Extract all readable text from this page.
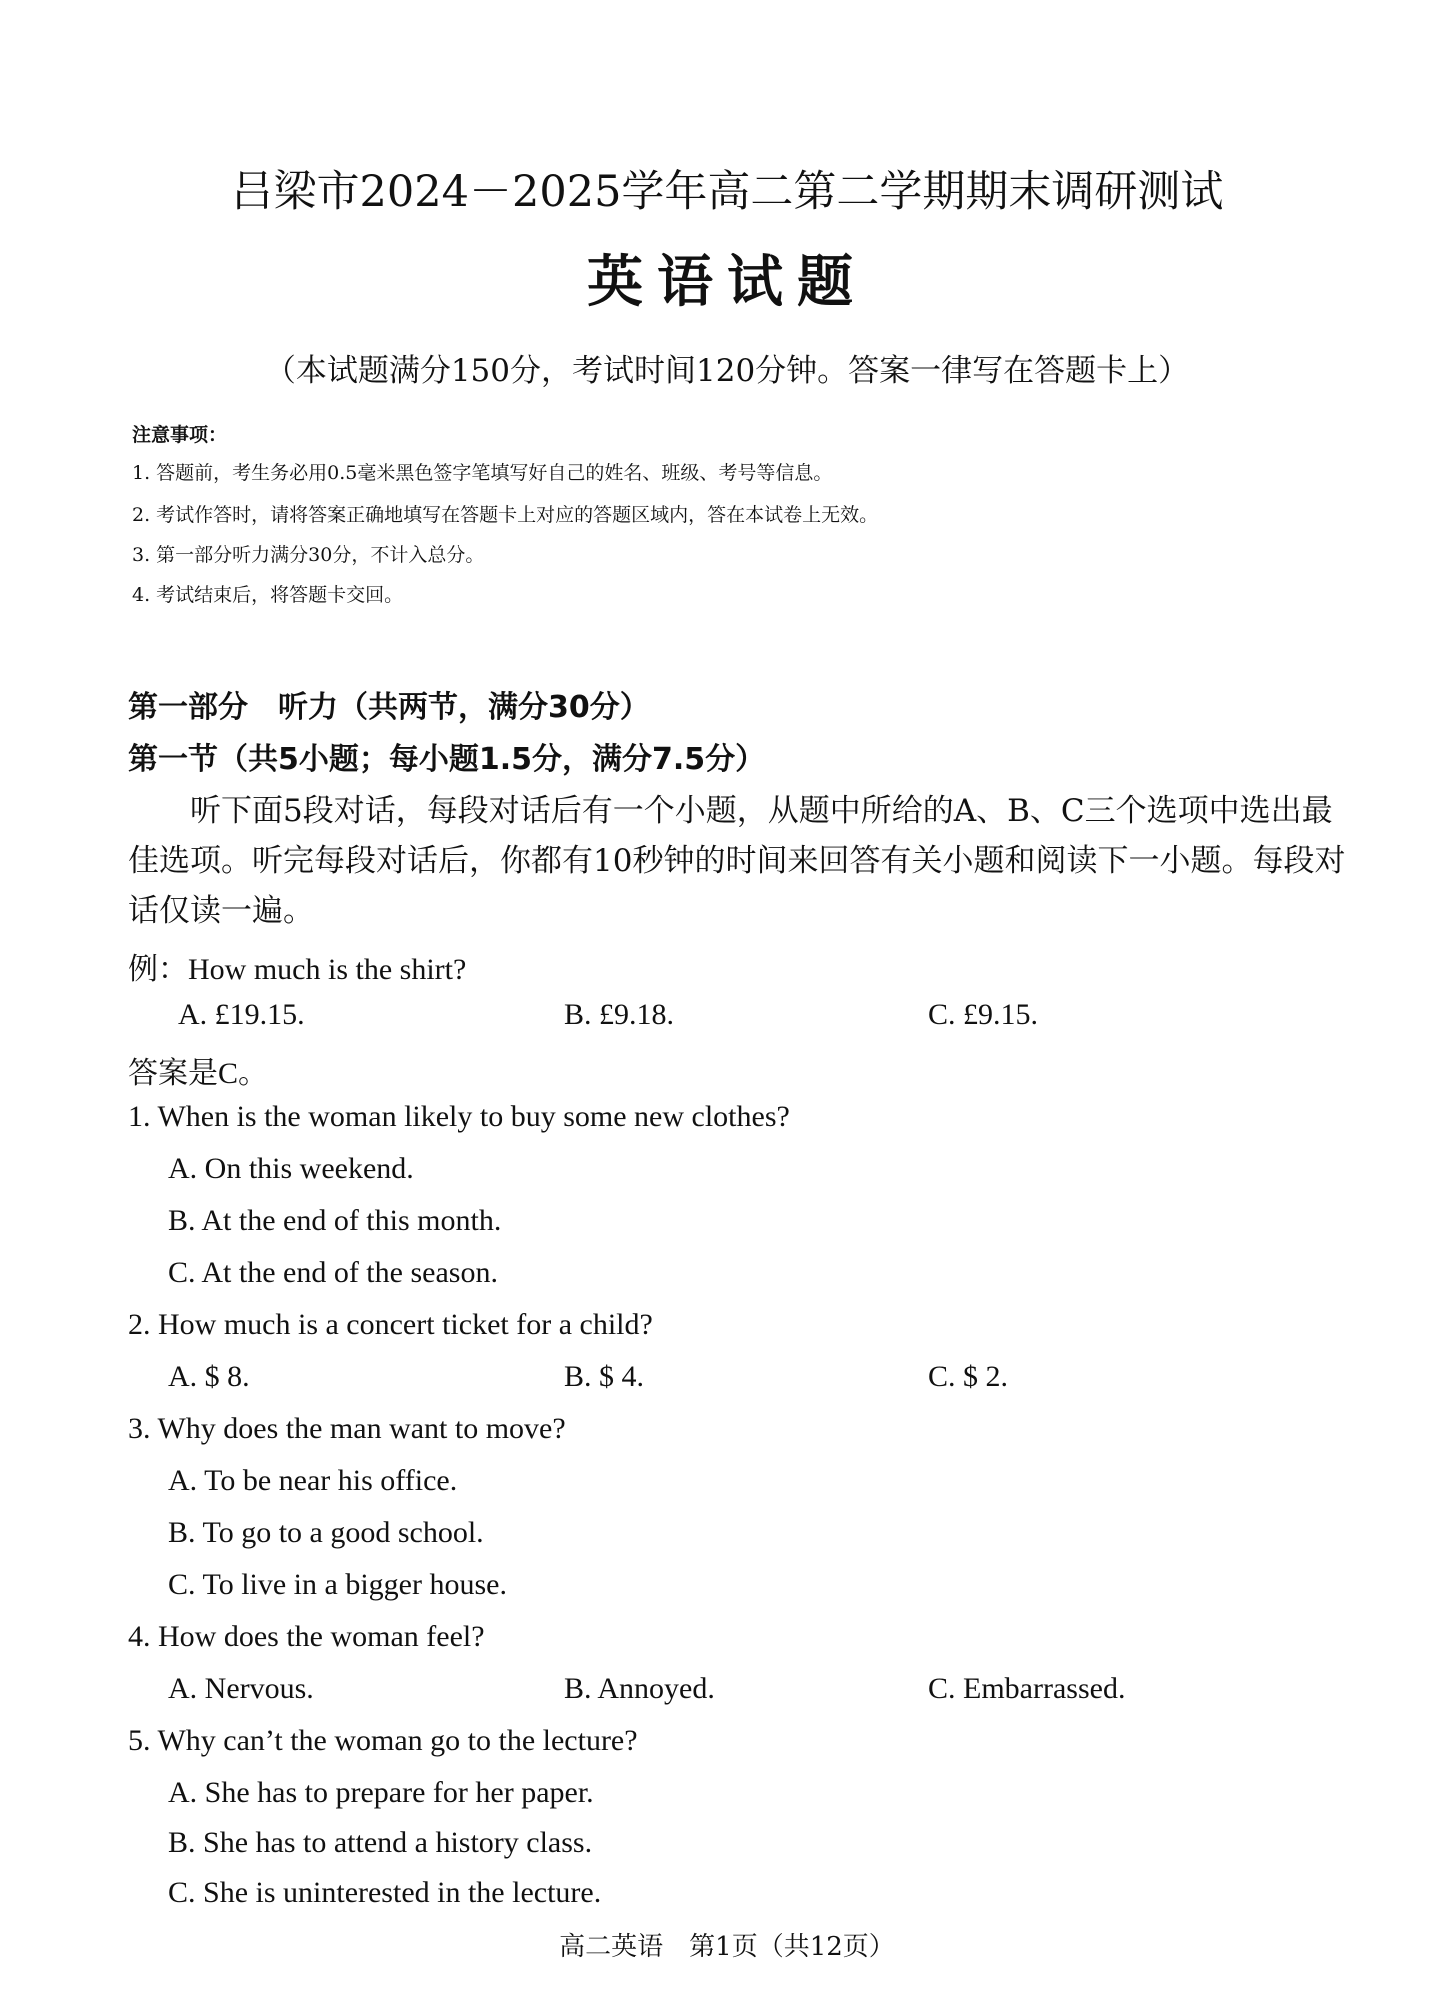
吕梁市2024－2025学年高二第二学期期末调研测试
英语试题
（本试题满分150分，考试时间120分钟。答案一律写在答题卡上）
注意事项：
1. 答题前，考生务必用0.5毫米黑色签字笔填写好自己的姓名、班级、考号等信息。
2. 考试作答时，请将答案正确地填写在答题卡上对应的答题区域内，答在本试卷上无效。
3. 第一部分听力满分30分，不计入总分。
4. 考试结束后，将答题卡交回。
第一部分　听力（共两节，满分30分）
第一节（共5小题；每小题1.5分，满分7.5分）
听下面5段对话，每段对话后有一个小题，从题中所给的A、B、C三个选项中选出最佳选项。听完每段对话后，你都有10秒钟的时间来回答有关小题和阅读下一小题。每段对话仅读一遍。
例：How much is the shirt?
A. £19.15.	B. £9.18.	C. £9.15.
答案是C。
1. When is the woman likely to buy some new clothes?
A. On this weekend.
B. At the end of this month.
C. At the end of the season.
2. How much is a concert ticket for a child?
A. $ 8.	B. $ 4.	C. $ 2.
3. Why does the man want to move?
A. To be near his office.
B. To go to a good school.
C. To live in a bigger house.
4. How does the woman feel?
A. Nervous.	B. Annoyed.	C. Embarrassed.
5. Why can’t the woman go to the lecture?
A. She has to prepare for her paper.
B. She has to attend a history class.
C. She is uninterested in the lecture.
高二英语　第1页（共12页）
